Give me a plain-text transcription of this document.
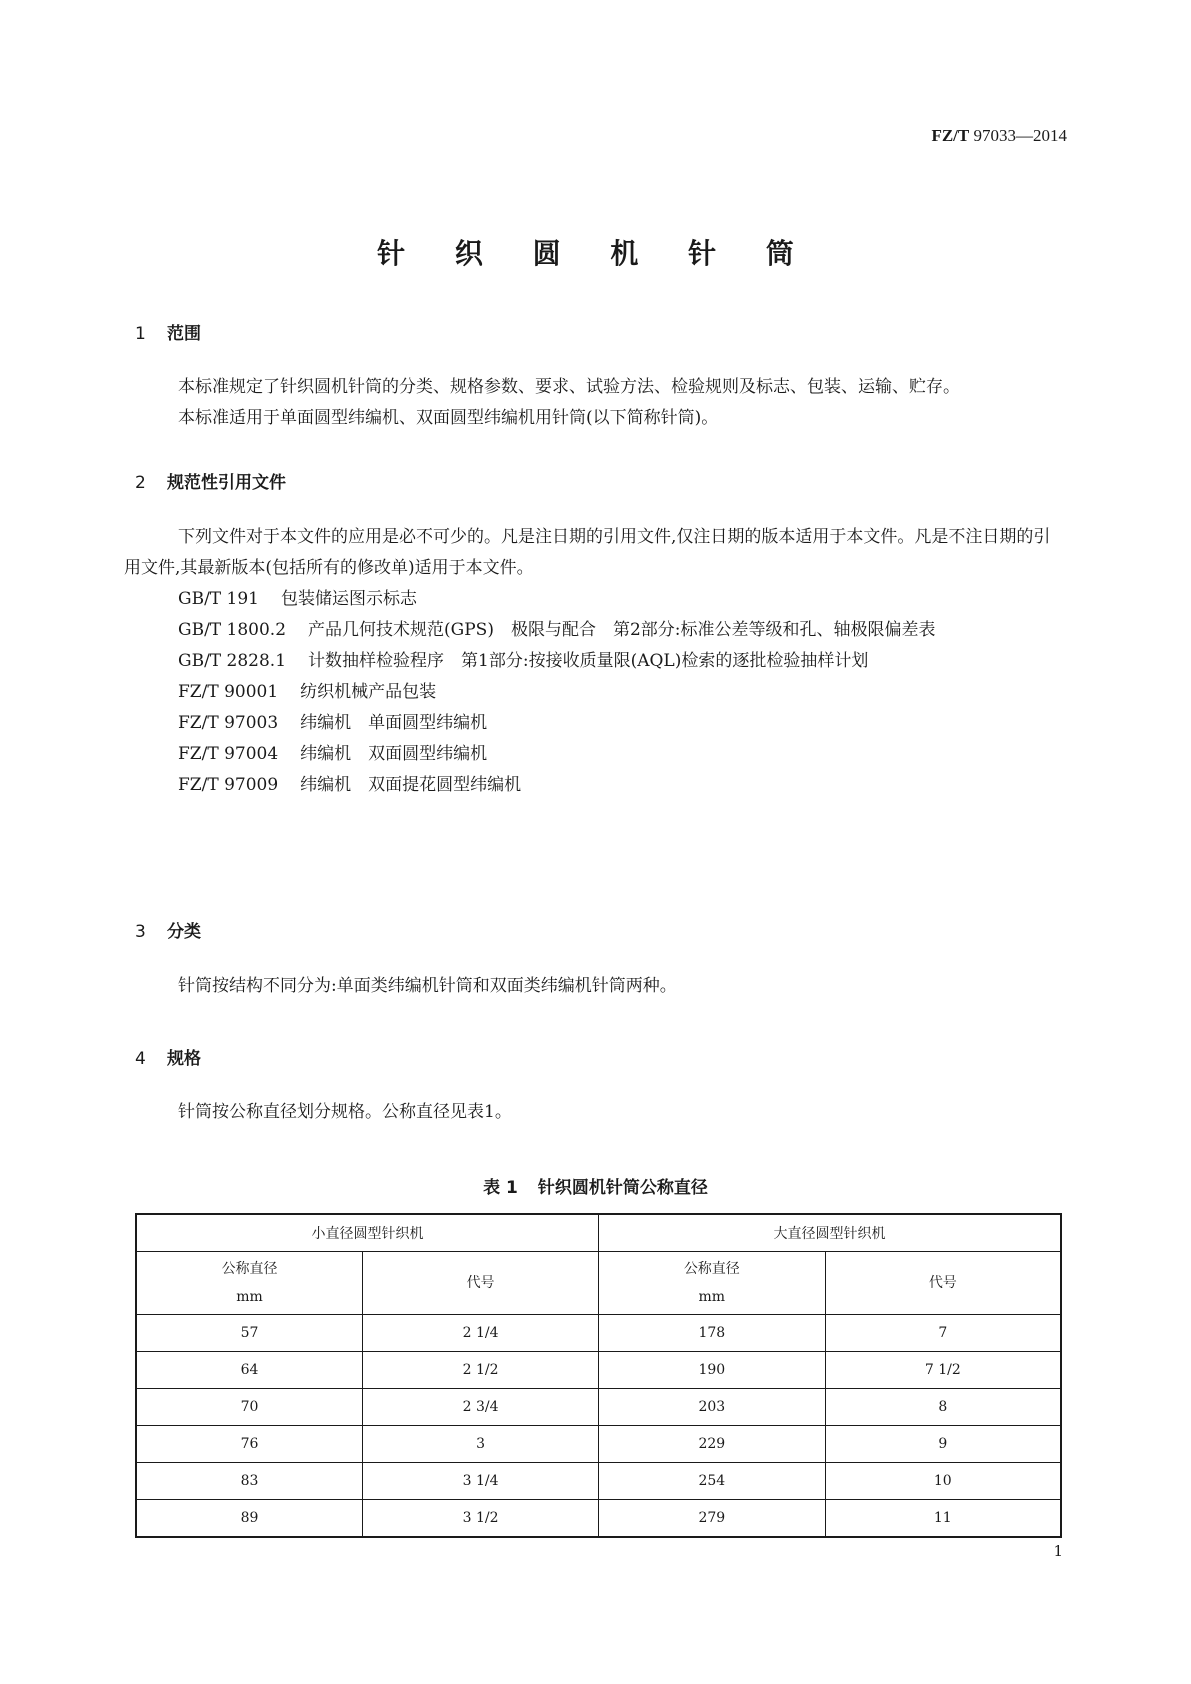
FZ/T 97033—2014
针 织 圆 机 针 筒
1 范围

本标准规定了针织圆机针筒的分类、规格参数、要求、试验方法、检验规则及标志、包装、运输、贮存。

本标准适用于单面圆型纬编机、双面圆型纬编机用针筒(以下简称针筒)。

2 规范性引用文件

下列文件对于本文件的应用是必不可少的。凡是注日期的引用文件,仅注日期的版本适用于本文件。凡是不注日期的引用文件,其最新版本(包括所有的修改单)适用于本文件。

GB/T 191 包装储运图示标志

GB/T 1800.2 产品几何技术规范(GPS)　极限与配合　第2部分:标准公差等级和孔、轴极限偏差表

GB/T 2828.1 计数抽样检验程序　第1部分:按接收质量限(AQL)检索的逐批检验抽样计划

FZ/T 90001 纺织机械产品包装

FZ/T 97003 纬编机　单面圆型纬编机

FZ/T 97004 纬编机　双面圆型纬编机

FZ/T 97009 纬编机　双面提花圆型纬编机

3 分类

针筒按结构不同分为:单面类纬编机针筒和双面类纬编机针筒两种。

4 规格

针筒按公称直径划分规格。公称直径见表1。

表 1 针织圆机针筒公称直径
小直径圆型针织机		大直径圆型针织机	
公称直径
mm	代号	公称直径
mm	代号
57	2 1/4	178	7
64	2 1/2	190	7 1/2
70	2 3/4	203	8
76	3	229	9
83	3 1/4	254	10
89	3 1/2	279	11
1
